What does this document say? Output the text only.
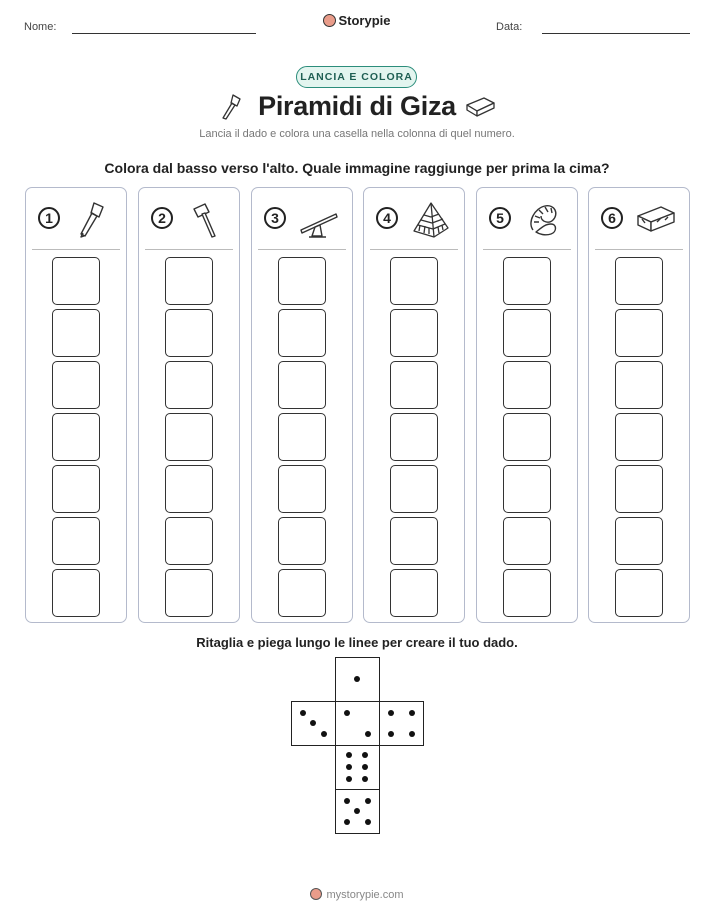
Nome:	Storypie	Data:
LANCIA E COLORA
Piramidi di Giza
Lancia il dado e colora una casella nella colonna di quel numero.
Colora dal basso verso l'alto. Quale immagine raggiunge per prima la cima?
1	2	3	4	5	6
Ritaglia e piega lungo le linee per creare il tuo dado.
mystorypie.com
